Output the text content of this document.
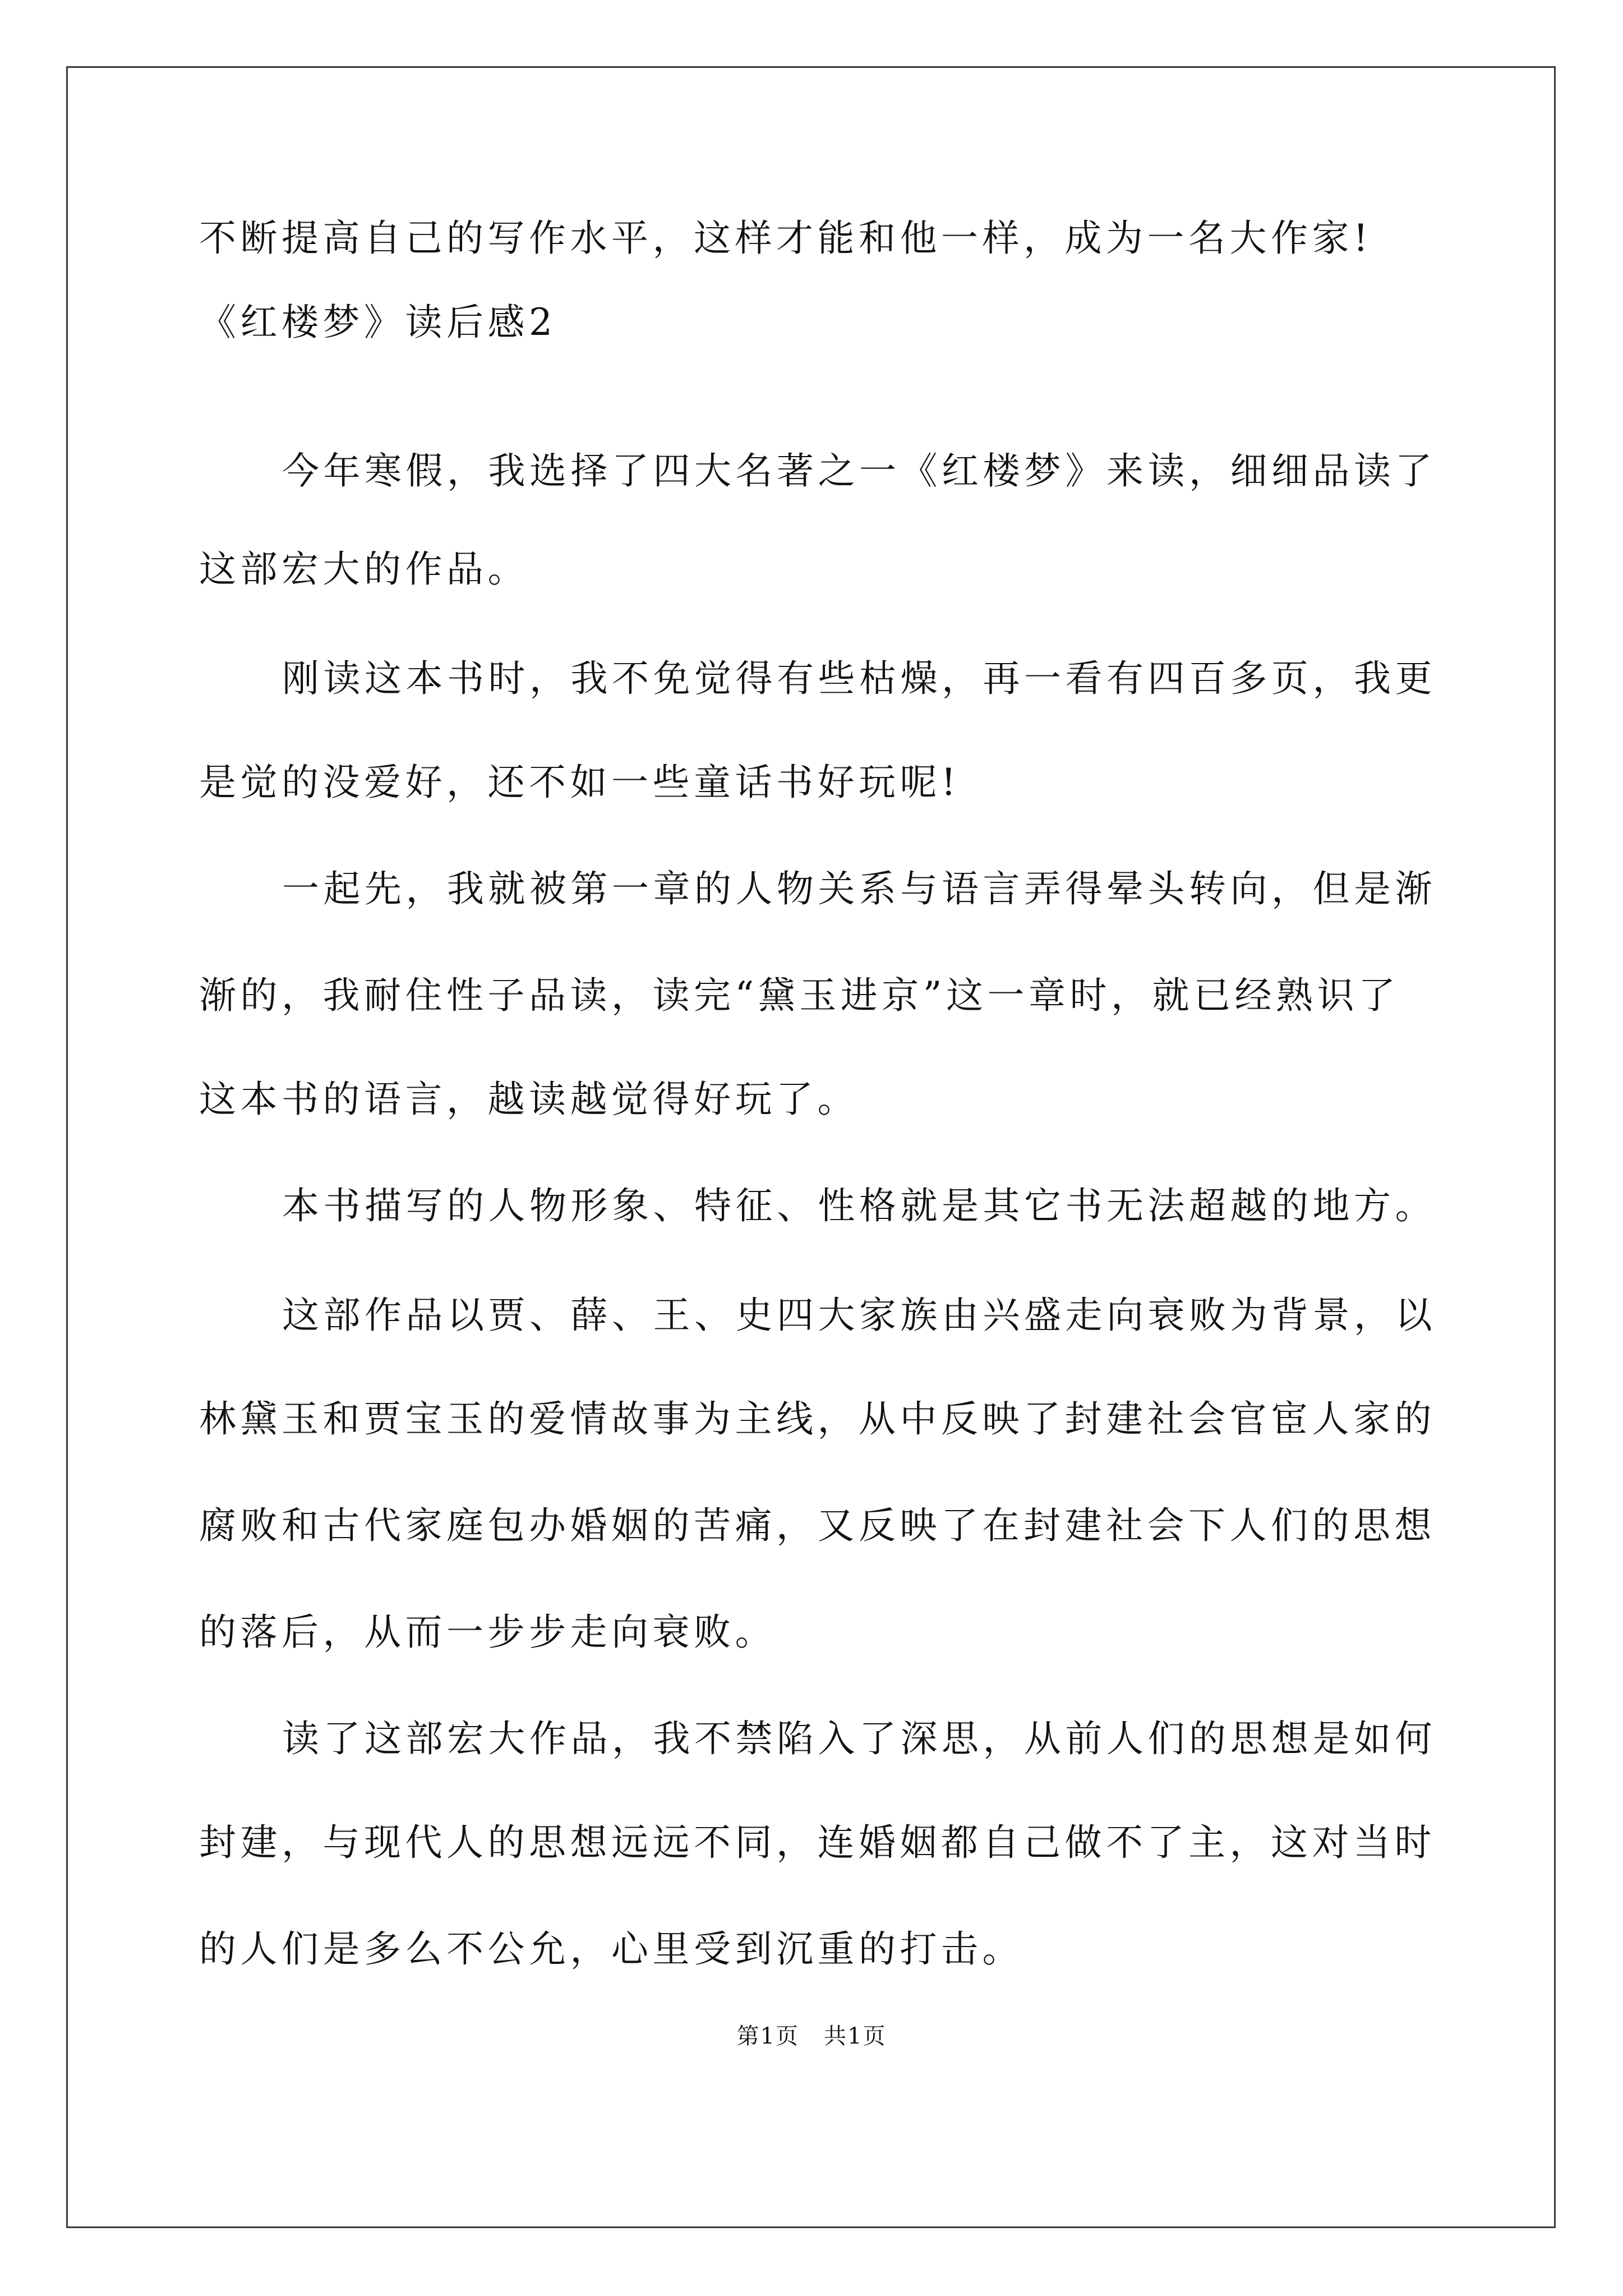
不断提高自己的写作水平，这样才能和他一样，成为一名大作家!
《红楼梦》读后感2
今年寒假，我选择了四大名著之一《红楼梦》来读，细细品读了
这部宏大的作品。
刚读这本书时，我不免觉得有些枯燥，再一看有四百多页，我更
是觉的没爱好，还不如一些童话书好玩呢!
一起先，我就被第一章的人物关系与语言弄得晕头转向，但是渐
渐的，我耐住性子品读，读完“黛玉进京”这一章时，就已经熟识了
这本书的语言，越读越觉得好玩了。
本书描写的人物形象、特征、性格就是其它书无法超越的地方。
这部作品以贾、薛、王、史四大家族由兴盛走向衰败为背景，以
林黛玉和贾宝玉的爱情故事为主线，从中反映了封建社会官宦人家的
腐败和古代家庭包办婚姻的苦痛，又反映了在封建社会下人们的思想
的落后，从而一步步走向衰败。
读了这部宏大作品，我不禁陷入了深思，从前人们的思想是如何
封建，与现代人的思想远远不同，连婚姻都自己做不了主，这对当时
的人们是多么不公允，心里受到沉重的打击。
第1页 共1页
